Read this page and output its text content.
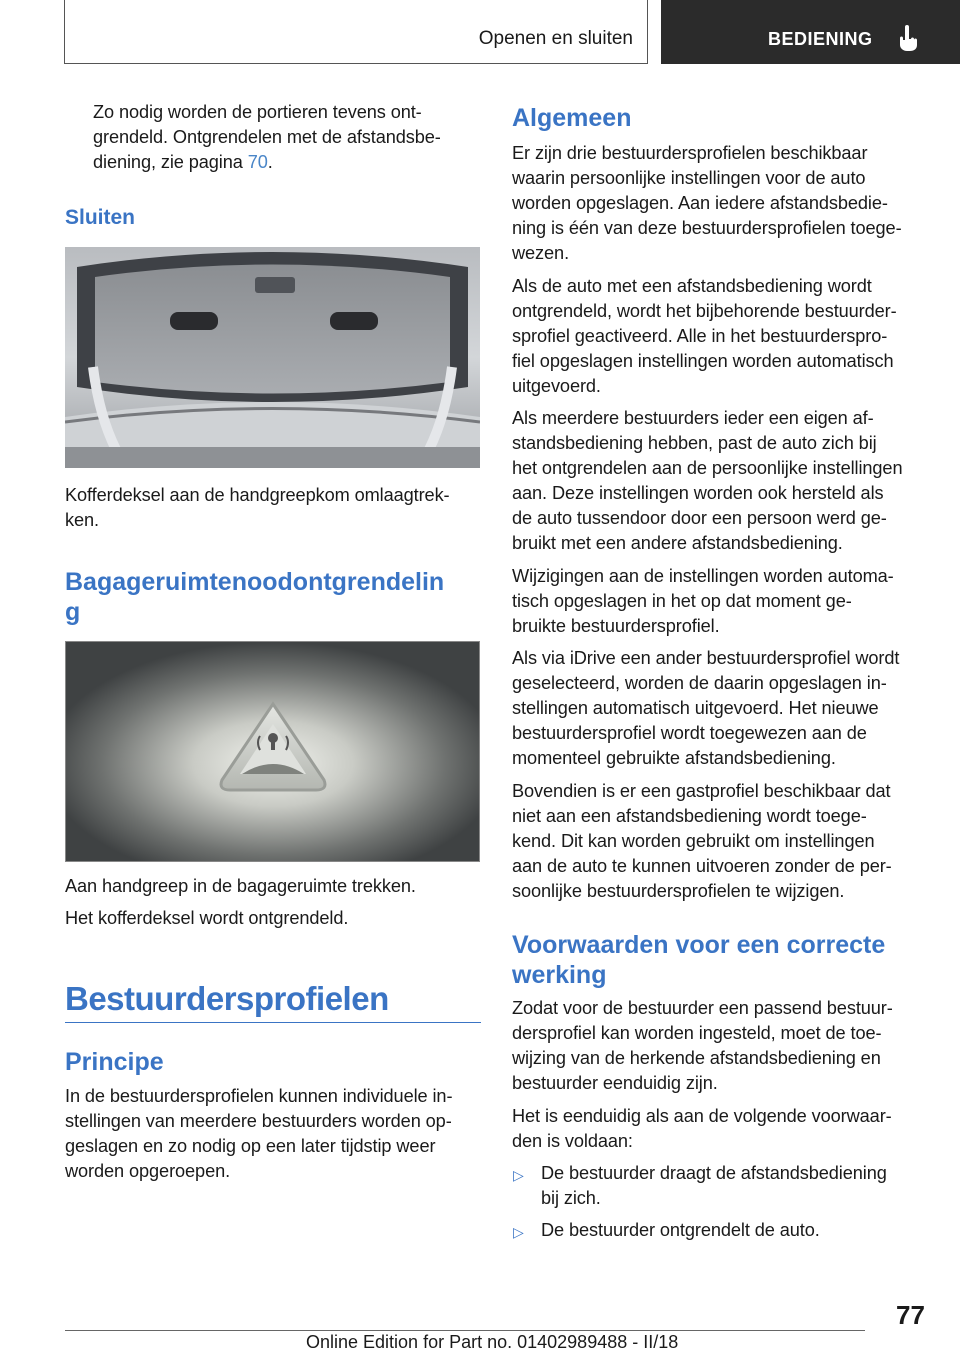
Openen en sluiten	BEDIENING

Zo nodig worden de portieren tevens ont-
grendeld. Ontgrendelen met de afstandsbe-
diening, zie pagina 70.

Sluiten

Kofferdeksel aan de handgreepkom omlaagtrek-
ken.

Bagageruimtenoodontgrendelin
g

Aan handgreep in de bagageruimte trekken.

Het kofferdeksel wordt ontgrendeld.

Bestuurdersprofielen
Principe

In de bestuurdersprofielen kunnen individuele in-
stellingen van meerdere bestuurders worden op-
geslagen en zo nodig op een later tijdstip weer
worden opgeroepen.

Algemeen

Er zijn drie bestuurdersprofielen beschikbaar
waarin persoonlijke instellingen voor de auto
worden opgeslagen. Aan iedere afstandsbedie-
ning is één van deze bestuurdersprofielen toege-
wezen.

Als de auto met een afstandsbediening wordt
ontgrendeld, wordt het bijbehorende bestuurder-
sprofiel geactiveerd. Alle in het bestuurderspro-
fiel opgeslagen instellingen worden automatisch
uitgevoerd.

Als meerdere bestuurders ieder een eigen af-
standsbediening hebben, past de auto zich bij
het ontgrendelen aan de persoonlijke instellingen
aan. Deze instellingen worden ook hersteld als
de auto tussendoor door een persoon werd ge-
bruikt met een andere afstandsbediening.

Wijzigingen aan de instellingen worden automa-
tisch opgeslagen in het op dat moment ge-
bruikte bestuurdersprofiel.

Als via iDrive een ander bestuurdersprofiel wordt
geselecteerd, worden de daarin opgeslagen in-
stellingen automatisch uitgevoerd. Het nieuwe
bestuurdersprofiel wordt toegewezen aan de
momenteel gebruikte afstandsbediening.

Bovendien is er een gastprofiel beschikbaar dat
niet aan een afstandsbediening wordt toege-
kend. Dit kan worden gebruikt om instellingen
aan de auto te kunnen uitvoeren zonder de per-
soonlijke bestuurdersprofielen te wijzigen.

Voorwaarden voor een correcte
werking

Zodat voor de bestuurder een passend bestuur-
dersprofiel kan worden ingesteld, moet de toe-
wijzing van de herkende afstandsbediening en
bestuurder eenduidig zijn.

Het is eenduidig als aan de volgende voorwaar-
den is voldaan:

▷ De bestuurder draagt de afstandsbediening
bij zich.

▷ De bestuurder ontgrendelt de auto.

77
Online Edition for Part no. 01402989488 - II/18
